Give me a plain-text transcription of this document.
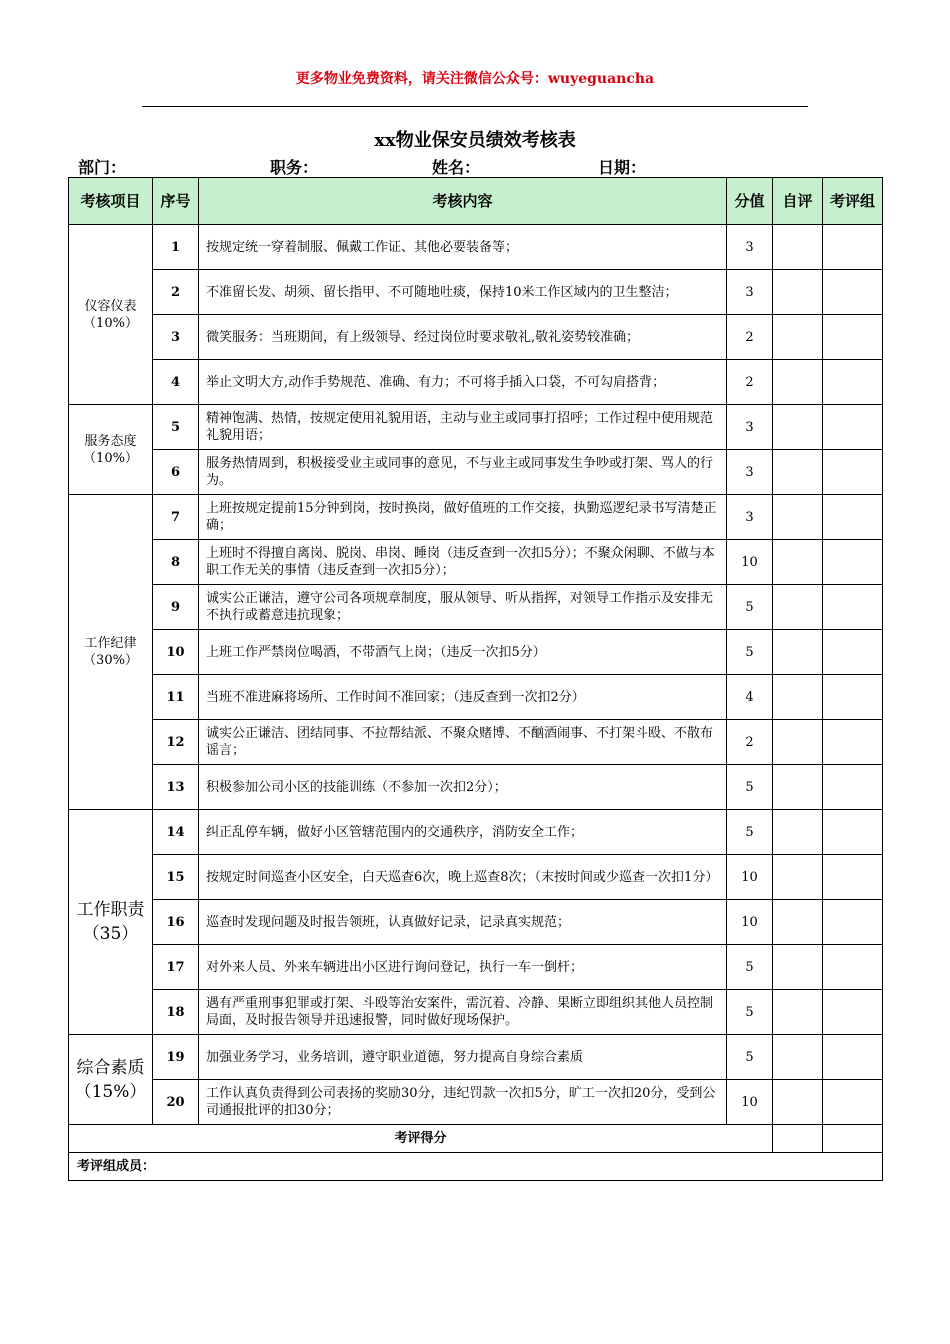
更多物业免费资料，请关注微信公众号：wuyeguancha
xx物业保安员绩效考核表
部门：	职务：	姓名：	日期：
考核项目	序号	考核内容	分值	自评	考评组

仪容仪表
（10%）	1	按规定统一穿着制服、佩戴工作证、其他必要装备等；	3		
	2	不准留长发、胡须、留长指甲、不可随地吐痰，保持10米工作区域内的卫生整洁；	3		
	3	微笑服务：当班期间，有上级领导、经过岗位时要求敬礼,敬礼姿势较准确；	2		
	4	举止文明大方,动作手势规范、准确、有力；不可将手插入口袋，不可勾肩搭背；	2		

服务态度
（10%）	5	精神饱满、热情，按规定使用礼貌用语，主动与业主或同事打招呼；工作过程中使用规范礼貌用语；	3		
	6	服务热情周到，积极接受业主或同事的意见，不与业主或同事发生争吵或打架、骂人的行为。	3		

工作纪律
（30%）	7	上班按规定提前15分钟到岗，按时换岗，做好值班的工作交接，执勤巡逻纪录书写清楚正确；	3		
	8	上班时不得擅自离岗、脱岗、串岗、睡岗（违反查到一次扣5分）；不聚众闲聊、不做与本职工作无关的事情（违反查到一次扣5分）；	10		
	9	诚实公正谦洁，遵守公司各项规章制度，服从领导、听从指挥，对领导工作指示及安排无不执行或蓄意违抗现象；	5		
	10	上班工作严禁岗位喝酒，不带酒气上岗；（违反一次扣5分）	5		
	11	当班不准进麻将场所、工作时间不准回家；（违反查到一次扣2分）	4		
	12	诚实公正谦洁、团结同事、不拉帮结派、不聚众赌博、不酗酒闹事、不打架斗殴、不散布谣言；	2		
	13	积极参加公司小区的技能训练（不参加一次扣2分）；	5		

工作职责
（35）	14	纠正乱停车辆，做好小区管辖范围内的交通秩序，消防安全工作；	5		
	15	按规定时间巡查小区安全，白天巡查6次，晚上巡查8次；（末按时间或少巡查一次扣1分）	10		
	16	巡查时发现问题及时报告领班，认真做好记录，记录真实规范；	10		
	17	对外来人员、外来车辆进出小区进行询问登记，执行一车一倒杆；	5		
	18	遇有严重刑事犯罪或打架、斗殴等治安案件，需沉着、冷静、果断立即组织其他人员控制局面，及时报告领导并迅速报警，同时做好现场保护。	5		

综合素质
（15%）	19	加强业务学习，业务培训，遵守职业道德，努力提高自身综合素质	5		
	20	工作认真负责得到公司表扬的奖励30分，违纪罚款一次扣5分，旷工一次扣20分，受到公司通报批评的扣30分；	10		
考评得分					
考评组成员：					
